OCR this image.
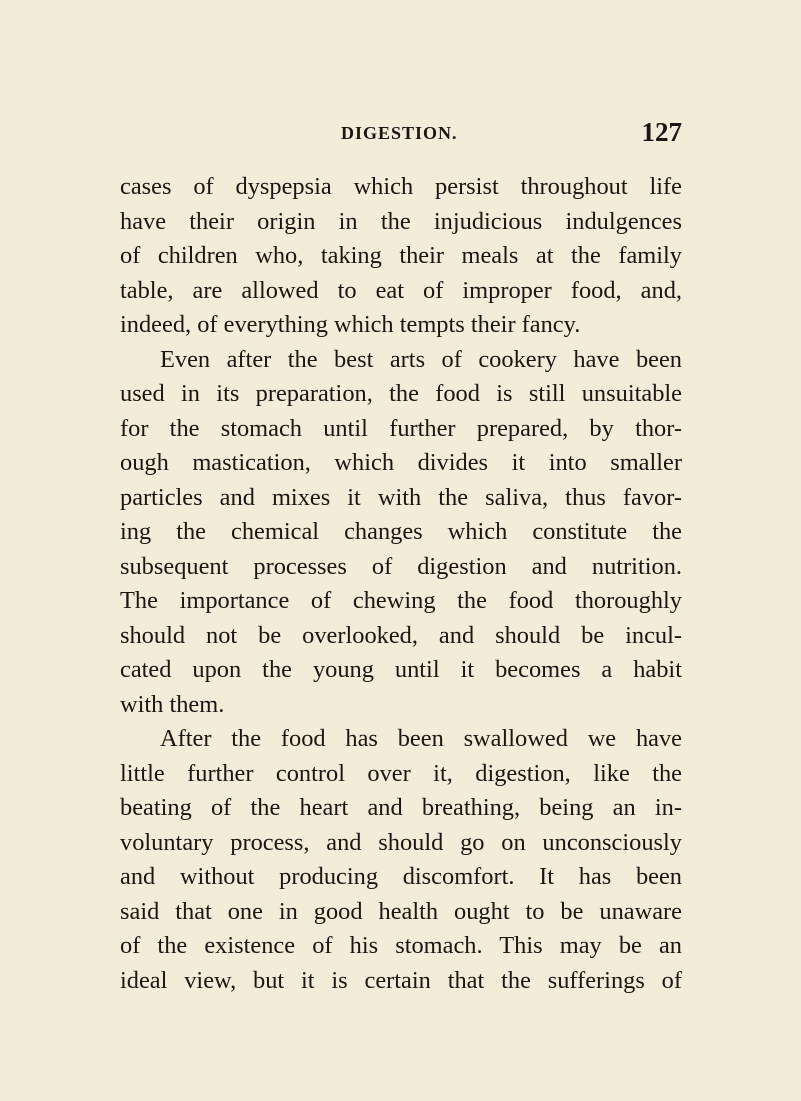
DIGESTION.	127
cases of dyspepsia which persist throughout life
have their origin in the injudicious indulgences
of children who, taking their meals at the family
table, are allowed to eat of improper food, and,
indeed, of everything which tempts their fancy.
Even after the best arts of cookery have been
used in its preparation, the food is still unsuitable
for the stomach until further prepared, by thor-
ough mastication, which divides it into smaller
particles and mixes it with the saliva, thus favor-
ing the chemical changes which constitute the
subsequent processes of digestion and nutrition.
The importance of chewing the food thoroughly
should not be overlooked, and should be incul-
cated upon the young until it becomes a habit
with them.
After the food has been swallowed we have
little further control over it, digestion, like the
beating of the heart and breathing, being an in-
voluntary process, and should go on unconsciously
and without producing discomfort. It has been
said that one in good health ought to be unaware
of the existence of his stomach. This may be an
ideal view, but it is certain that the sufferings of
